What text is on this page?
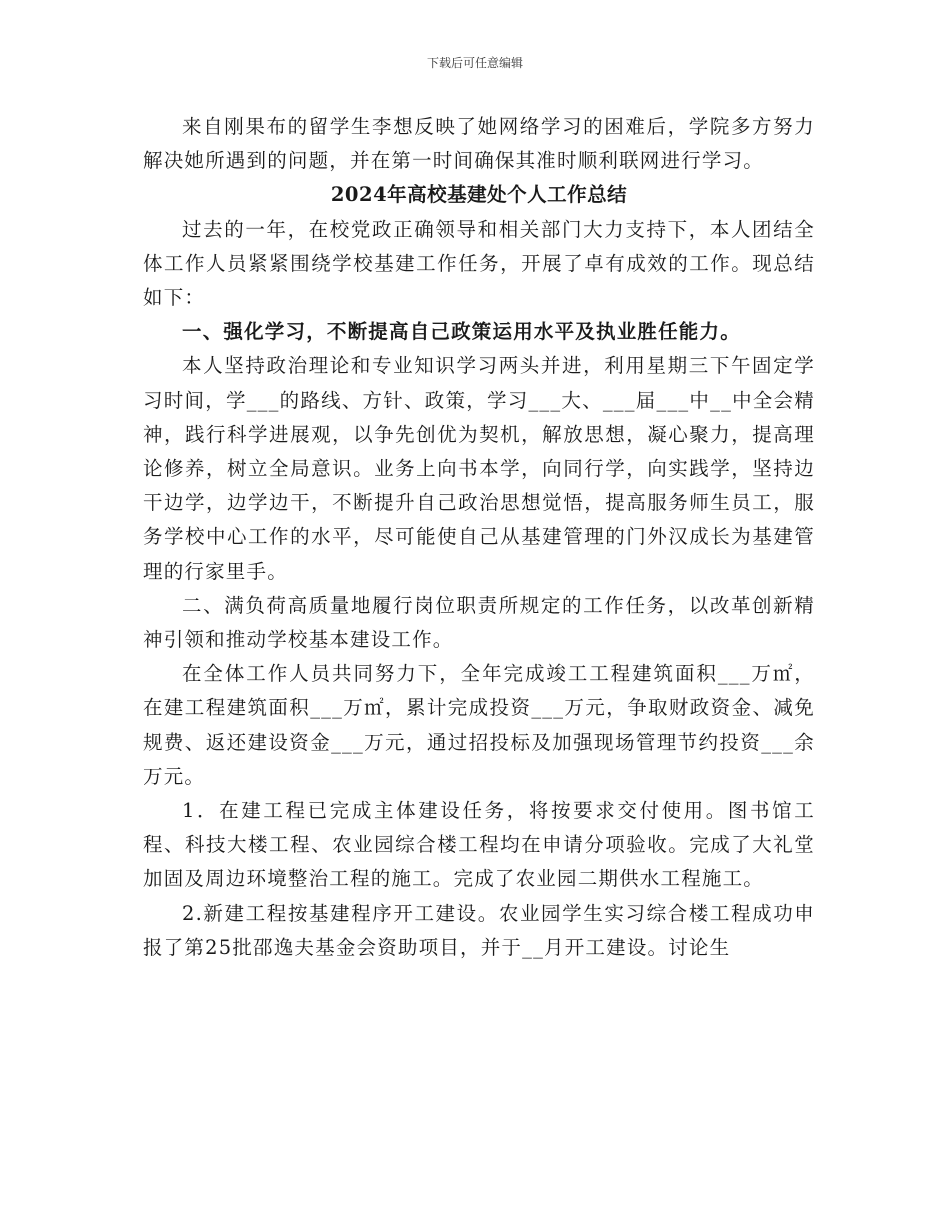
下载后可任意编辑

来自刚果布的留学生李想反映了她网络学习的困难后，学院多方努力解决她所遇到的问题，并在第一时间确保其准时顺利联网进行学习。

2024年高校基建处个人工作总结

过去的一年，在校党政正确领导和相关部门大力支持下，本人团结全体工作人员紧紧围绕学校基建工作任务，开展了卓有成效的工作。现总结如下：

一、强化学习，不断提高自己政策运用水平及执业胜任能力。

本人坚持政治理论和专业知识学习两头并进，利用星期三下午固定学习时间，学___的路线、方针、政策，学习___大、___届___中__中全会精神，践行科学进展观，以争先创优为契机，解放思想，凝心聚力，提高理论修养，树立全局意识。业务上向书本学，向同行学，向实践学，坚持边干边学，边学边干，不断提升自己政治思想觉悟，提高服务师生员工，服务学校中心工作的水平，尽可能使自己从基建管理的门外汉成长为基建管理的行家里手。

二、满负荷高质量地履行岗位职责所规定的工作任务，以改革创新精神引领和推动学校基本建设工作。

在全体工作人员共同努力下，全年完成竣工工程建筑面积___万㎡，在建工程建筑面积___万㎡，累计完成投资___万元，争取财政资金、减免规费、返还建设资金___万元，通过招投标及加强现场管理节约投资___余万元。

1．在建工程已完成主体建设任务，将按要求交付使用。图书馆工程、科技大楼工程、农业园综合楼工程均在申请分项验收。完成了大礼堂加固及周边环境整治工程的施工。完成了农业园二期供水工程施工。

2.新建工程按基建程序开工建设。农业园学生实习综合楼工程成功申报了第25批邵逸夫基金会资助项目，并于__月开工建设。讨论生
